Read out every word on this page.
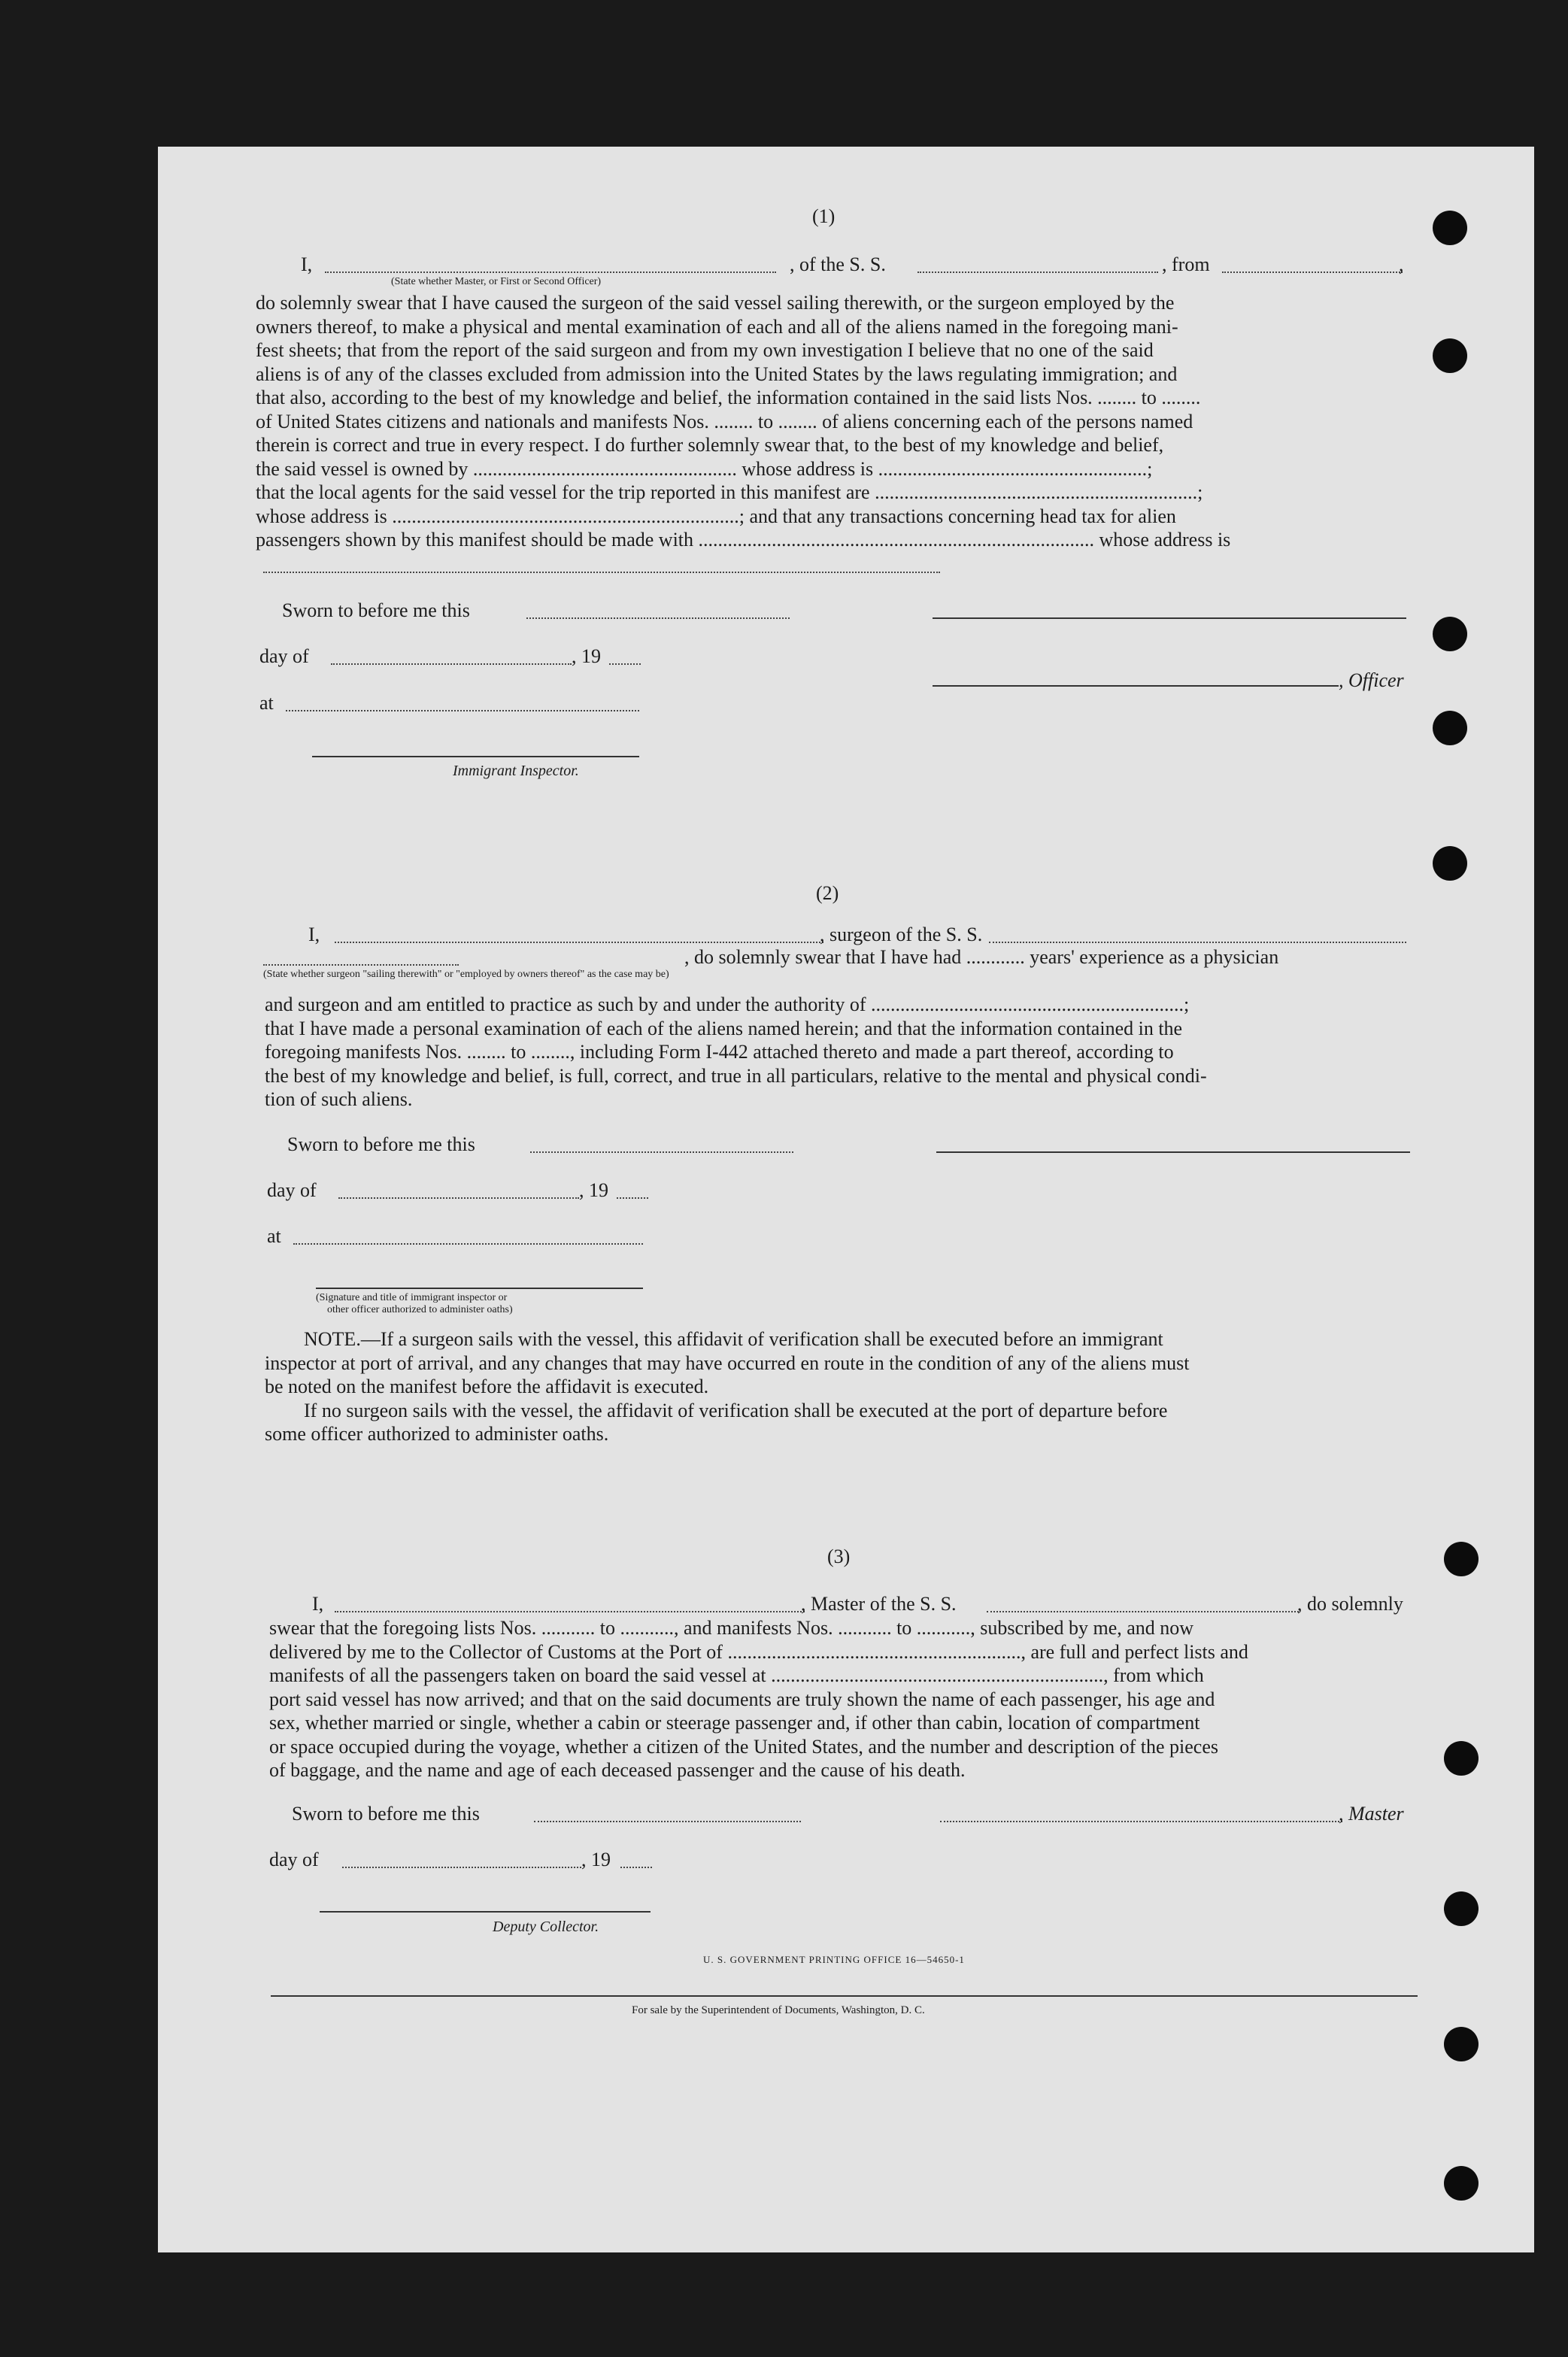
(1)
I,	, of the S. S.	, from	,
(State whether Master, or First or Second Officer)
do solemnly swear that I have caused the surgeon of the said vessel sailing therewith, or the surgeon employed by the
owners thereof, to make a physical and mental examination of each and all of the aliens named in the foregoing mani-
fest sheets; that from the report of the said surgeon and from my own investigation I believe that no one of the said
aliens is of any of the classes excluded from admission into the United States by the laws regulating immigration; and
that also, according to the best of my knowledge and belief, the information contained in the said lists Nos. ........ to ........
of United States citizens and nationals and manifests Nos. ........ to ........ of aliens concerning each of the persons named
therein is correct and true in every respect. I do further solemnly swear that, to the best of my knowledge and belief,
the said vessel is owned by ...................................................... whose address is .......................................................;
that the local agents for the said vessel for the trip reported in this manifest are ..................................................................;
whose address is .......................................................................; and that any transactions concerning head tax for alien
passengers shown by this manifest should be made with ................................................................................. whose address is
Sworn to before me this
day of	, 19
, Officer
at
Immigrant Inspector.
(2)
I,	, surgeon of the S. S.
, do solemnly swear that I have had ............ years' experience as a physician
(State whether surgeon "sailing therewith" or "employed by owners thereof" as the case may be)
and surgeon and am entitled to practice as such by and under the authority of ................................................................;
that I have made a personal examination of each of the aliens named herein; and that the information contained in the
foregoing manifests Nos. ........ to ........, including Form I-442 attached thereto and made a part thereof, according to
the best of my knowledge and belief, is full, correct, and true in all particulars, relative to the mental and physical condi-
tion of such aliens.
Sworn to before me this
day of	, 19
at
(Signature and title of immigrant inspector or
other officer authorized to administer oaths)
NOTE.—If a surgeon sails with the vessel, this affidavit of verification shall be executed before an immigrant
inspector at port of arrival, and any changes that may have occurred en route in the condition of any of the aliens must
be noted on the manifest before the affidavit is executed.
If no surgeon sails with the vessel, the affidavit of verification shall be executed at the port of departure before
some officer authorized to administer oaths.
(3)
I,	, Master of the S. S.	, do solemnly
swear that the foregoing lists Nos. ........... to ..........., and manifests Nos. ........... to ..........., subscribed by me, and now
delivered by me to the Collector of Customs at the Port of ............................................................, are full and perfect lists and
manifests of all the passengers taken on board the said vessel at ...................................................................., from which
port said vessel has now arrived; and that on the said documents are truly shown the name of each passenger, his age and
sex, whether married or single, whether a cabin or steerage passenger and, if other than cabin, location of compartment
or space occupied during the voyage, whether a citizen of the United States, and the number and description of the pieces
of baggage, and the name and age of each deceased passenger and the cause of his death.
Sworn to before me this	, Master
day of	, 19
Deputy Collector.
U. S. GOVERNMENT PRINTING OFFICE 16—54650-1
For sale by the Superintendent of Documents, Washington, D. C.
